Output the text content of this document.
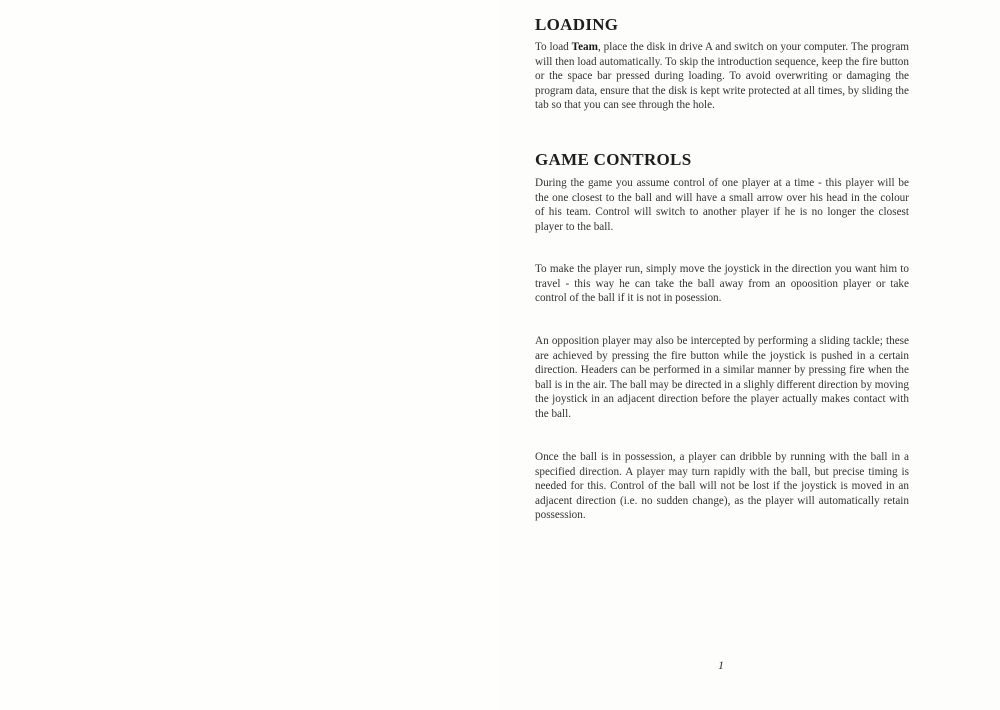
LOADING

To load Team, place the disk in drive A and switch on your computer. The program will then load automatically. To skip the introduction sequence, keep the fire button or the space bar pressed during loading. To avoid overwriting or damaging the program data, ensure that the disk is kept write protected at all times, by sliding the tab so that you can see through the hole.

GAME CONTROLS

During the game you assume control of one player at a time - this player will be the one closest to the ball and will have a small arrow over his head in the colour of his team. Control will switch to another player if he is no longer the closest player to the ball.

To make the player run, simply move the joystick in the direction you want him to travel - this way he can take the ball away from an opoosition player or take control of the ball if it is not in posession.

An opposition player may also be intercepted by performing a sliding tackle; these are achieved by pressing the fire button while the joystick is pushed in a certain direction. Headers can be performed in a similar manner by pressing fire when the ball is in the air. The ball may be directed in a slighly different direction by moving the joystick in an adjacent direction before the player actually makes contact with the ball.

Once the ball is in possession, a player can dribble by running with the ball in a specified direction. A player may turn rapidly with the ball, but precise timing is needed for this. Control of the ball will not be lost if the joystick is moved in an adjacent direction (i.e. no sudden change), as the player will automatically retain possession.

1
